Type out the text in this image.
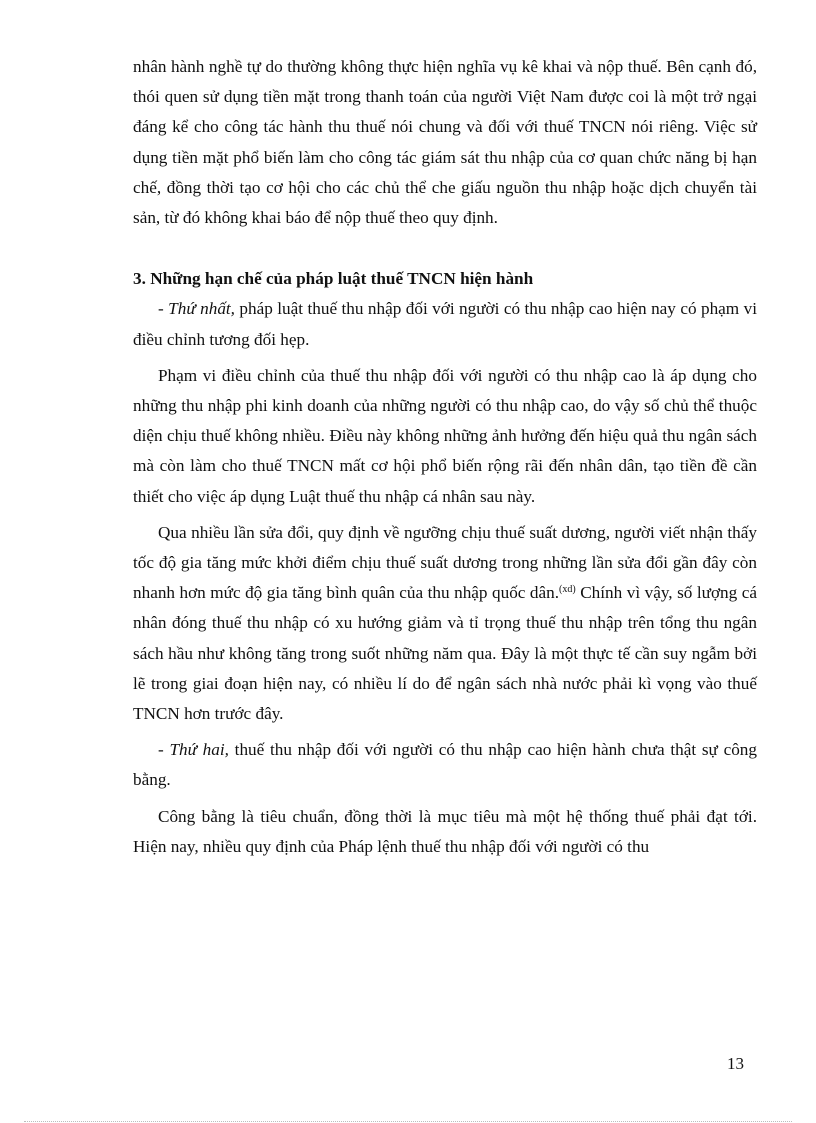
nhân hành nghề tự do thường không thực hiện nghĩa vụ kê khai và nộp thuế. Bên cạnh đó, thói quen sử dụng tiền mặt trong thanh toán của người Việt Nam được coi là một trở ngại đáng kể cho công tác hành thu thuế nói chung và đối với thuế TNCN nói riêng. Việc sử dụng tiền mặt phổ biến làm cho công tác giám sát thu nhập của cơ quan chức năng bị hạn chế, đồng thời tạo cơ hội cho các chủ thể che giấu nguồn thu nhập hoặc dịch chuyển tài sản, từ đó không khai báo để nộp thuế theo quy định.

3. Những hạn chế của pháp luật thuế TNCN hiện hành

- Thứ nhất, pháp luật thuế thu nhập đối với người có thu nhập cao hiện nay có phạm vi điều chỉnh tương đối hẹp.

Phạm vi điều chỉnh của thuế thu nhập đối với người có thu nhập cao là áp dụng cho những thu nhập phi kinh doanh của những người có thu nhập cao, do vậy số chủ thể thuộc diện chịu thuế không nhiều. Điều này không những ảnh hưởng đến hiệu quả thu ngân sách mà còn làm cho thuế TNCN mất cơ hội phổ biến rộng rãi đến nhân dân, tạo tiền đề cần thiết cho việc áp dụng Luật thuế thu nhập cá nhân sau này.

Qua nhiều lần sửa đổi, quy định về ngưỡng chịu thuế suất dương, người viết nhận thấy tốc độ gia tăng mức khởi điểm chịu thuế suất dương trong những lần sửa đổi gần đây còn nhanh hơn mức độ gia tăng bình quân của thu nhập quốc dân.$^{(xd)}$ Chính vì vậy, số lượng cá nhân đóng thuế thu nhập có xu hướng giảm và tỉ trọng thuế thu nhập trên tổng thu ngân sách hầu như không tăng trong suốt những năm qua. Đây là một thực tế cần suy ngẫm bởi lẽ trong giai đoạn hiện nay, có nhiều lí do để ngân sách nhà nước phải kì vọng vào thuế TNCN hơn trước đây.

- Thứ hai, thuế thu nhập đối với người có thu nhập cao hiện hành chưa thật sự công bằng.

Công bằng là tiêu chuẩn, đồng thời là mục tiêu mà một hệ thống thuế phải đạt tới. Hiện nay, nhiều quy định của Pháp lệnh thuế thu nhập đối với người có thu

13
